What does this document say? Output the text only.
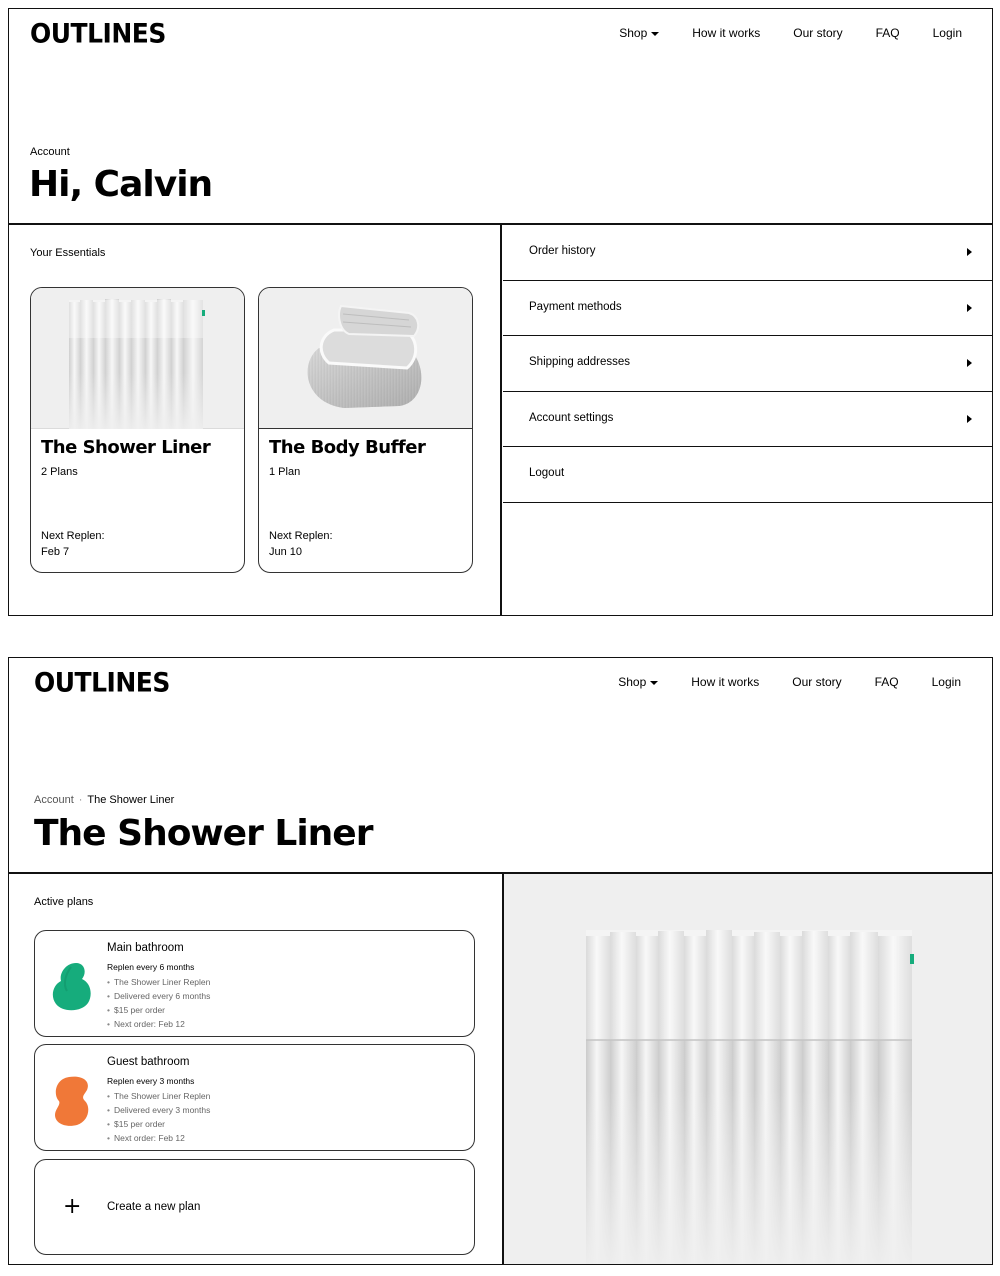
OUTLINES	Shop	How it works	Our story	FAQ	Login
Account
Hi, Calvin
Your Essentials
The Shower Liner
2 Plans
Next Replen:
Feb 7
The Body Buffer
1 Plan
Next Replen:
Jun 10
Order history
Payment methods
Shipping addresses
Account settings
Logout
OUTLINES	Shop	How it works	Our story	FAQ	Login
Account · The Shower Liner
The Shower Liner
Active plans
Main bathroom
Replen every 6 months
• The Shower Liner Replen
• Delivered every 6 months
• $15 per order
• Next order: Feb 12
Guest bathroom
Replen every 3 months
• The Shower Liner Replen
• Delivered every 3 months
• $15 per order
• Next order: Feb 12
+ Create a new plan
